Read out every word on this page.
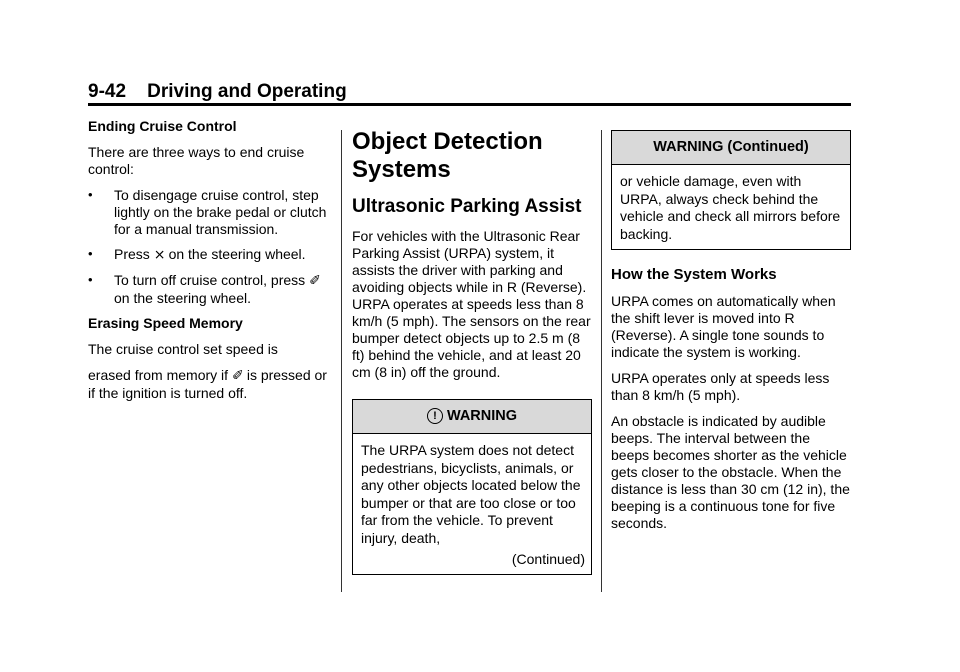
9-42 Driving and Operating

Ending Cruise Control

There are three ways to end cruise control:

• To disengage cruise control, step lightly on the brake pedal or clutch for a manual transmission.
• Press ⨯ on the steering wheel.
• To turn off cruise control, press ✐ on the steering wheel.

Erasing Speed Memory

The cruise control set speed is

erased from memory if ✐ is pressed or if the ignition is turned off.

Object Detection Systems
Ultrasonic Parking Assist

For vehicles with the Ultrasonic Rear Parking Assist (URPA) system, it assists the driver with parking and avoiding objects while in R (Reverse). URPA operates at speeds less than 8 km/h (5 mph). The sensors on the rear bumper detect objects up to 2.5 m (8 ft) behind the vehicle, and at least 20 cm (8 in) off the ground.

! WARNING
The URPA system does not detect pedestrians, bicyclists, animals, or any other objects located below the bumper or that are too close or too far from the vehicle. To prevent injury, death,
(Continued)
WARNING (Continued)
or vehicle damage, even with URPA, always check behind the vehicle and check all mirrors before backing.
How the System Works

URPA comes on automatically when the shift lever is moved into R (Reverse). A single tone sounds to indicate the system is working.

URPA operates only at speeds less than 8 km/h (5 mph).

An obstacle is indicated by audible beeps. The interval between the beeps becomes shorter as the vehicle gets closer to the obstacle. When the distance is less than 30 cm (12 in), the beeping is a continuous tone for five seconds.
